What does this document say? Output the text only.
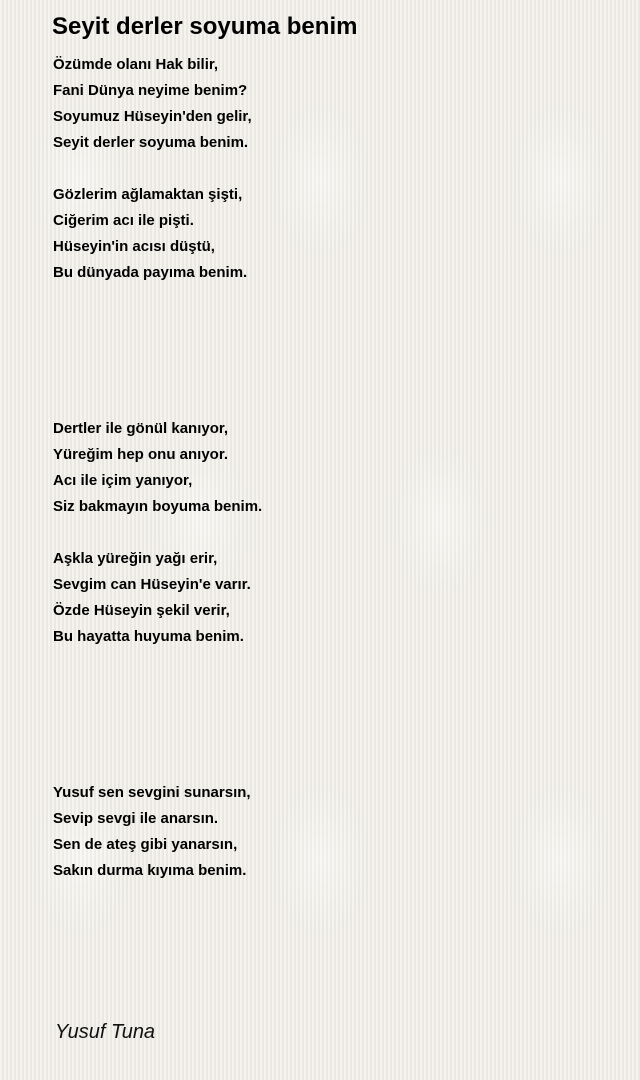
Seyit derler soyuma benim
Özümde olanı Hak bilir,
Fani Dünya neyime benim?
Soyumuz Hüseyin'den gelir,
Seyit derler soyuma benim.
Gözlerim ağlamaktan şişti,
Ciğerim acı ile pişti.
Hüseyin'in acısı düştü,
Bu dünyada payıma benim.
Dertler ile gönül kanıyor,
Yüreğim hep onu anıyor.
Acı ile içim yanıyor,
Siz bakmayın boyuma benim.
Aşkla yüreğin yağı erir,
Sevgim can Hüseyin'e varır.
Özde Hüseyin şekil verir,
Bu hayatta huyuma benim.
Yusuf sen sevgini sunarsın,
Sevip sevgi ile anarsın.
Sen de ateş gibi yanarsın,
Sakın durma kıyıma benim.
Yusuf Tuna
